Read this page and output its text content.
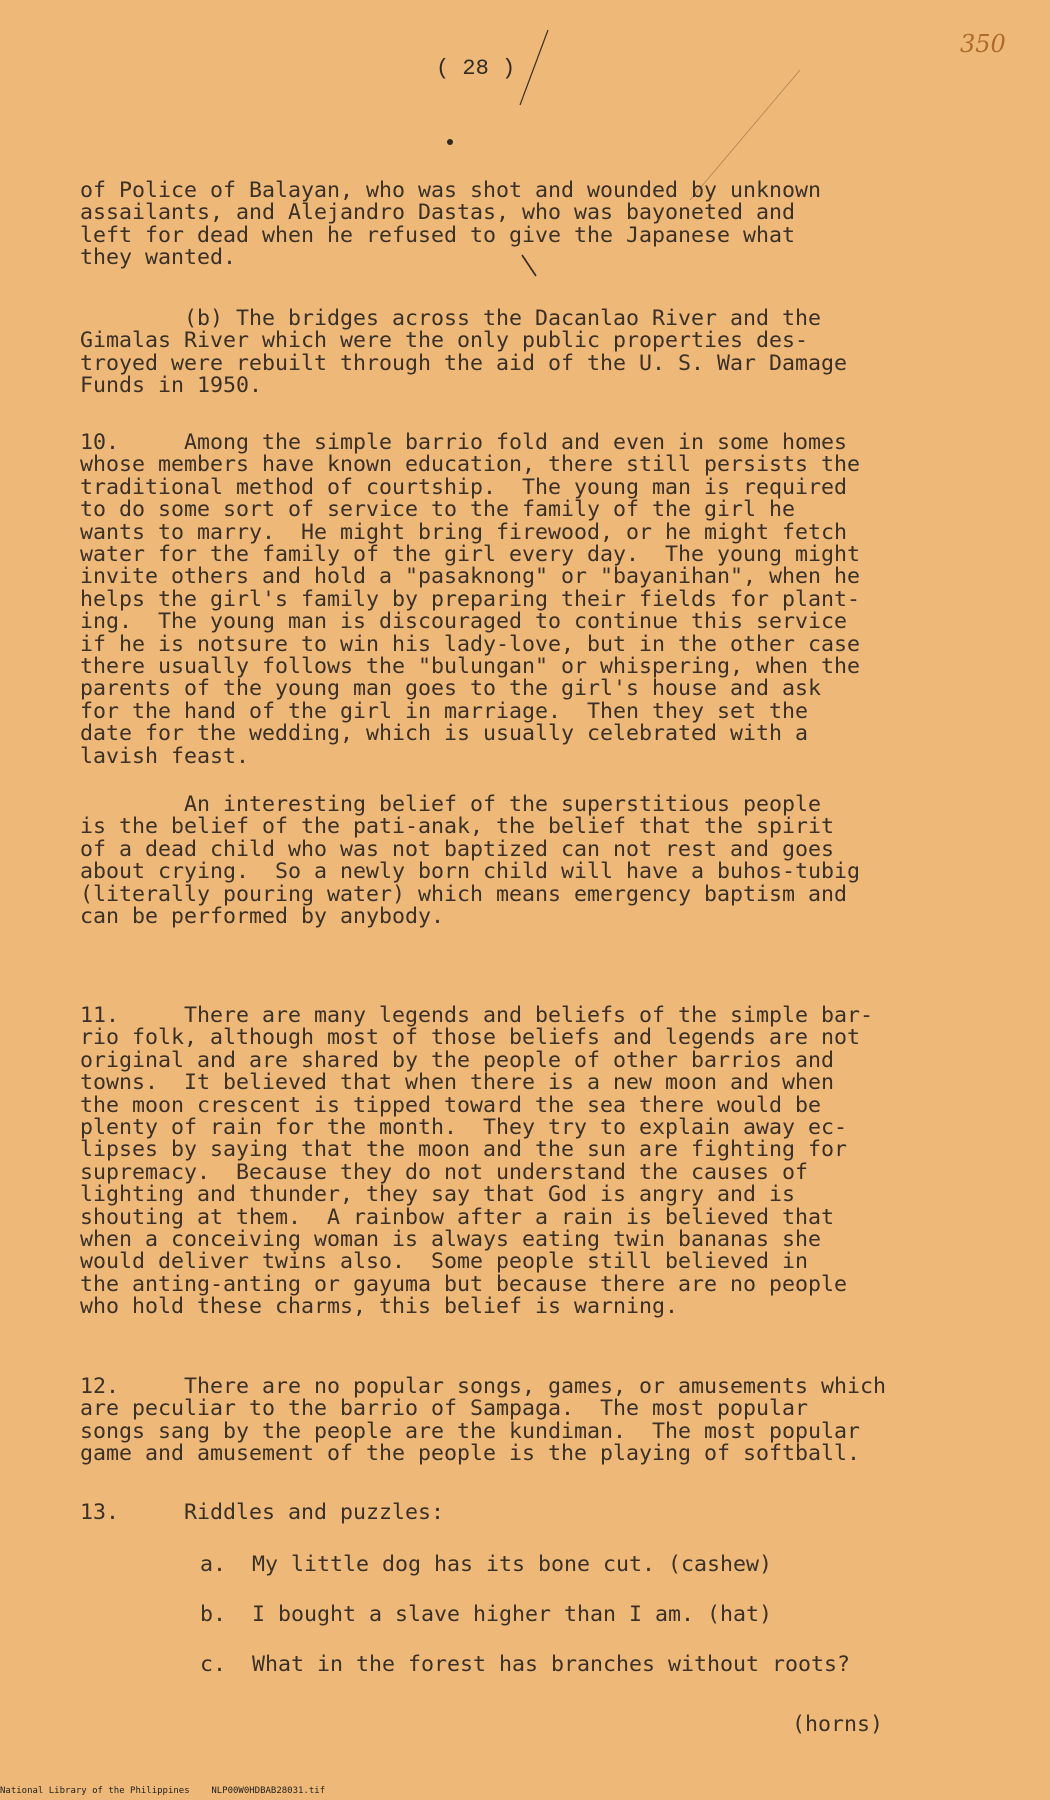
( 28 )
350
of Police of Balayan, who was shot and wounded by unknown
assailants, and Alejandro Dastas, who was bayoneted and
left for dead when he refused to give the Japanese what
they wanted.
(b) The bridges across the Dacanlao River and the
Gimalas River which were the only public properties des-
troyed were rebuilt through the aid of the U. S. War Damage
Funds in 1950.
10.     Among the simple barrio fold and even in some homes
whose members have known education, there still persists the
traditional method of courtship.  The young man is required
to do some sort of service to the family of the girl he
wants to marry.  He might bring firewood, or he might fetch
water for the family of the girl every day.  The young might
invite others and hold a "pasaknong" or "bayanihan", when he
helps the girl's family by preparing their fields for plant-
ing.  The young man is discouraged to continue this service
if he is notsure to win his lady-love, but in the other case
there usually follows the "bulungan" or whispering, when the
parents of the young man goes to the girl's house and ask
for the hand of the girl in marriage.  Then they set the
date for the wedding, which is usually celebrated with a
lavish feast.
An interesting belief of the superstitious people
is the belief of the pati-anak, the belief that the spirit
of a dead child who was not baptized can not rest and goes
about crying.  So a newly born child will have a buhos-tubig
(literally pouring water) which means emergency baptism and
can be performed by anybody.
11.     There are many legends and beliefs of the simple bar-
rio folk, although most of those beliefs and legends are not
original and are shared by the people of other barrios and
towns.  It believed that when there is a new moon and when
the moon crescent is tipped toward the sea there would be
plenty of rain for the month.  They try to explain away ec-
lipses by saying that the moon and the sun are fighting for
supremacy.  Because they do not understand the causes of
lighting and thunder, they say that God is angry and is
shouting at them.  A rainbow after a rain is believed that
when a conceiving woman is always eating twin bananas she
would deliver twins also.  Some people still believed in
the anting-anting or gayuma but because there are no people
who hold these charms, this belief is warning.
12.     There are no popular songs, games, or amusements which
are peculiar to the barrio of Sampaga.  The most popular
songs sang by the people are the kundiman.  The most popular
game and amusement of the people is the playing of softball.
13.     Riddles and puzzles:
a.  My little dog has its bone cut. (cashew)
b.  I bought a slave higher than I am. (hat)
c.  What in the forest has branches without roots?
(horns)
National Library of the Philippines    NLP00W0HDBAB28031.tif
